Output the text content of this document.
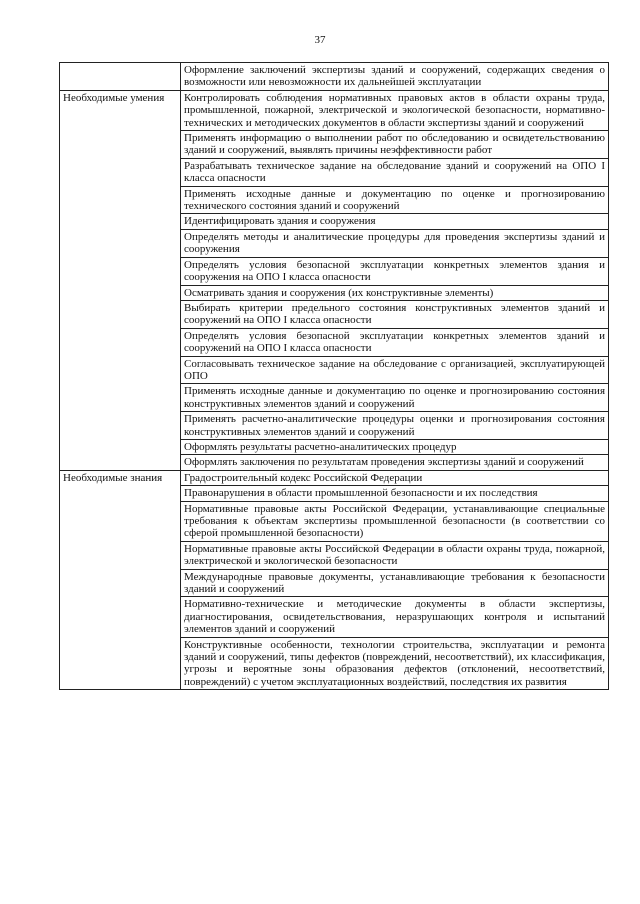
37
	Оформление заключений экспертизы зданий и сооружений, содержащих сведения о возможности или невозможности их дальнейшей эксплуатации
Необходимые умения	Контролировать соблюдения нормативных правовых актов в области охраны труда, промышленной, пожарной, электрической и экологической безопасности, нормативно-технических и методических документов в области экспертизы зданий и сооружений
	Применять информацию о выполнении работ по обследованию и освидетельствованию зданий и сооружений, выявлять причины неэффективности работ
	Разрабатывать техническое задание на обследование зданий и сооружений на ОПО I класса опасности
	Применять исходные данные и документацию по оценке и прогнозированию технического состояния зданий и сооружений
	Идентифицировать здания и сооружения
	Определять методы и аналитические процедуры для проведения экспертизы зданий и сооружения
	Определять условия безопасной эксплуатации конкретных элементов здания и сооружения на ОПО I класса опасности
	Осматривать здания и сооружения (их конструктивные элементы)
	Выбирать критерии предельного состояния конструктивных элементов зданий и сооружений на ОПО I класса опасности
	Определять условия безопасной эксплуатации конкретных элементов зданий и сооружений на ОПО I класса опасности
	Согласовывать техническое задание на обследование с организацией, эксплуатирующей ОПО
	Применять исходные данные и документацию по оценке и прогнозированию состояния конструктивных элементов зданий и сооружений
	Применять расчетно-аналитические процедуры оценки и прогнозирования состояния конструктивных элементов зданий и сооружений
	Оформлять результаты расчетно-аналитических процедур
	Оформлять заключения по результатам проведения экспертизы зданий и сооружений
Необходимые знания	Градостроительный кодекс Российской Федерации
	Правонарушения в области промышленной безопасности и их последствия
	Нормативные правовые акты Российской Федерации, устанавливающие специальные требования к объектам экспертизы промышленной безопасности (в соответствии со сферой промышленной безопасности)
	Нормативные правовые акты Российской Федерации в области охраны труда, пожарной, электрической и экологической безопасности
	Международные правовые документы, устанавливающие требования к безопасности зданий и сооружений
	Нормативно-технические и методические документы в области экспертизы, диагностирования, освидетельствования, неразрушающих контроля и испытаний элементов зданий и сооружений
	Конструктивные особенности, технологии строительства, эксплуатации и ремонта зданий и сооружений, типы дефектов (повреждений, несоответствий), их классификация, угрозы и вероятные зоны образования дефектов (отклонений, несоответствий, повреждений) с учетом эксплуатационных воздействий, последствия их развития
